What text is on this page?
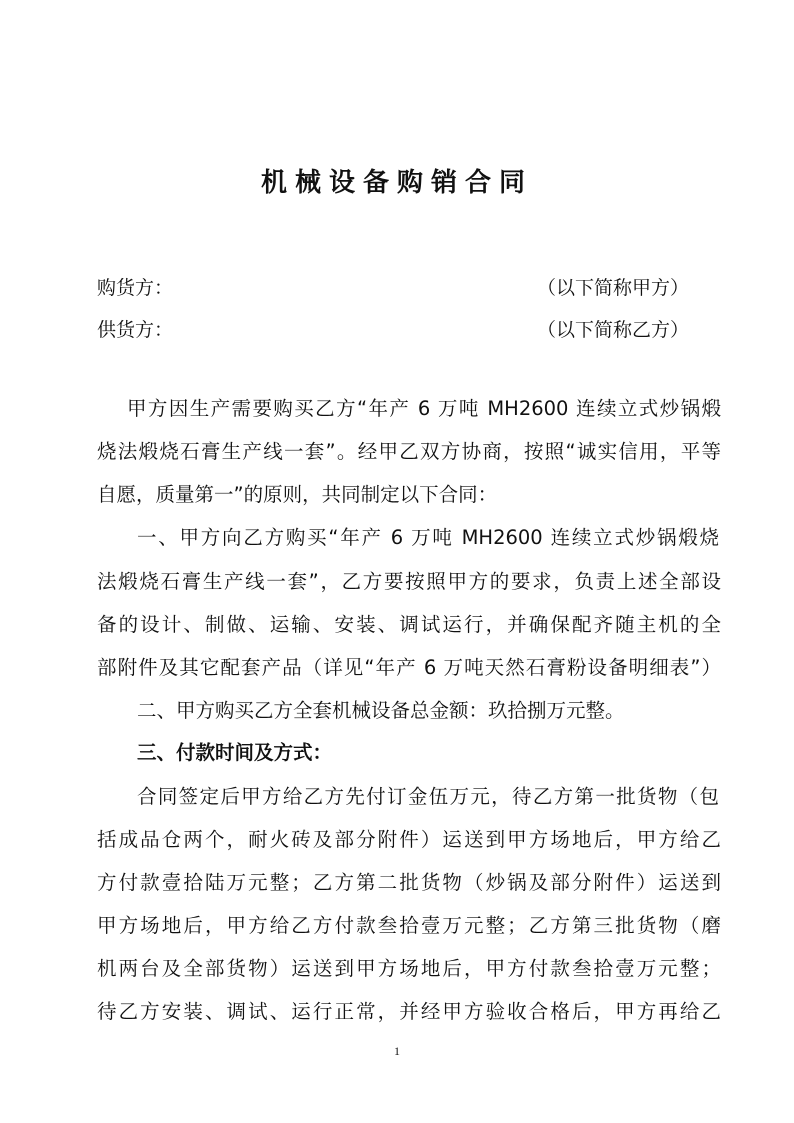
机械设备购销合同
购货方：	（以下简称甲方）
供货方：	（以下简称乙方）
甲方因生产需要购买乙方“年产 6 万吨 MH2600 连续立式炒锅煅
烧法煅烧石膏生产线一套”。经甲乙双方协商，按照“诚实信用，平等
自愿，质量第一”的原则，共同制定以下合同：
一、甲方向乙方购买“年产 6 万吨 MH2600 连续立式炒锅煅烧
法煅烧石膏生产线一套”，乙方要按照甲方的要求，负责上述全部设
备的设计、制做、运输、安装、调试运行，并确保配齐随主机的全
部附件及其它配套产品（详见“年产 6 万吨天然石膏粉设备明细表”）
二、甲方购买乙方全套机械设备总金额：玖拾捌万元整。
三、付款时间及方式：
合同签定后甲方给乙方先付订金伍万元，待乙方第一批货物（包
括成品仓两个，耐火砖及部分附件）运送到甲方场地后，甲方给乙
方付款壹拾陆万元整；乙方第二批货物（炒锅及部分附件）运送到
甲方场地后，甲方给乙方付款叁拾壹万元整；乙方第三批货物（磨
机两台及全部货物）运送到甲方场地后，甲方付款叁拾壹万元整；
待乙方安装、调试、运行正常，并经甲方验收合格后，甲方再给乙
1
